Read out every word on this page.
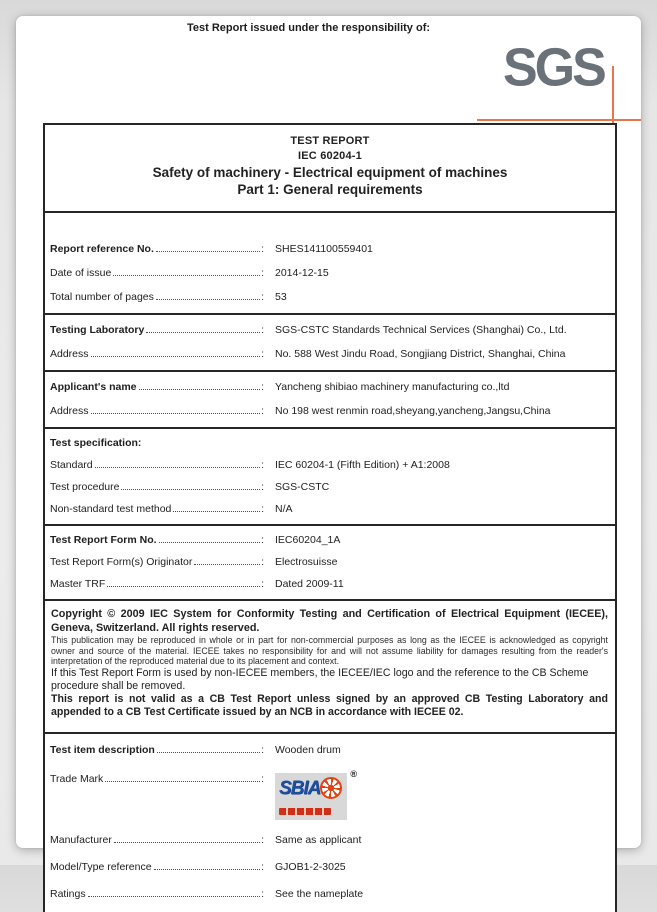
Test Report issued under the responsibility of:
SGS
TEST REPORT
IEC 60204-1
Safety of machinery - Electrical equipment of machines
Part 1: General requirements
Report reference No.
:	SHES141100559401
Date of issue
:	2014-12-15
Total number of pages
:	53
Testing Laboratory
:	SGS-CSTC Standards Technical Services (Shanghai) Co., Ltd.
Address
:	No. 588 West Jindu Road, Songjiang District, Shanghai, China
Applicant's name
:	Yancheng shibiao machinery manufacturing co.,ltd
Address
:	No 198 west renmin road,sheyang,yancheng,Jangsu,China
Test specification:
Standard
:	IEC 60204-1 (Fifth Edition) + A1:2008
Test procedure
:	SGS-CSTC
Non-standard test method
:	N/A
Test Report Form No.
:	IEC60204_1A
Test Report Form(s) Originator
:	Electrosuisse
Master TRF
:	Dated 2009-11

Copyright © 2009 IEC System for Conformity Testing and Certification of Electrical Equipment (IECEE), Geneva, Switzerland. All rights reserved.

This publication may be reproduced in whole or in part for non-commercial purposes as long as the IECEE is acknowledged as copyright owner and source of the material. IECEE takes no responsibility for and will not assume liability for damages resulting from the reader's interpretation of the reproduced material due to its placement and context.

If this Test Report Form is used by non-IECEE members, the IECEE/IEC logo and the reference to the CB Scheme procedure shall be removed.

This report is not valid as a CB Test Report unless signed by an approved CB Testing Laboratory and appended to a CB Test Certificate issued by an NCB in accordance with IECEE 02.

Test item description
:	Wooden drum
Trade Mark
:	SBIA
®
Manufacturer
:	Same as applicant
Model/Type reference
:	GJOB1-2-3025
Ratings
:	See the nameplate
